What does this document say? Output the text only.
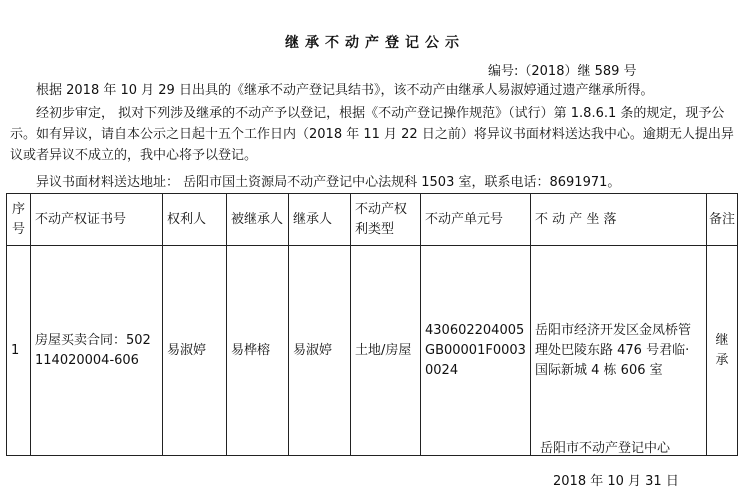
继承不动产登记公示
编号:（2018）继 589 号

根据 2018 年 10 月 29 日出具的《继承不动产登记具结书》，该不动产由继承人易淑婷通过遗产继承所得。

经初步审定， 拟对下列涉及继承的不动产予以登记，根据《不动产登记操作规范》（试行）第 1.8.6.1 条的规定，现予公示。如有异议，请自本公示之日起十五个工作日内（2018 年 11 月 22 日之前）将异议书面材料送达我中心。逾期无人提出异议或者异议不成立的，我中心将予以登记。

异议书面材料送达地址： 岳阳市国土资源局不动产登记中心法规科 1503 室，联系电话：8691971。

序号	不动产权证书号	权利人	被继承人	继承人	不动产权利类型	不动产单元号	不 动 产 坐 落	备注
1	房屋买卖合同：502114020004-606	易淑婷	易桦榕	易淑婷	土地/房屋	430602204005GB00001F00030024	岳阳市经济开发区金凤桥管理处巴陵东路 476 号君临·国际新城 4 栋 606 室	继承
岳阳市不动产登记中心
2018 年 10 月 31 日
